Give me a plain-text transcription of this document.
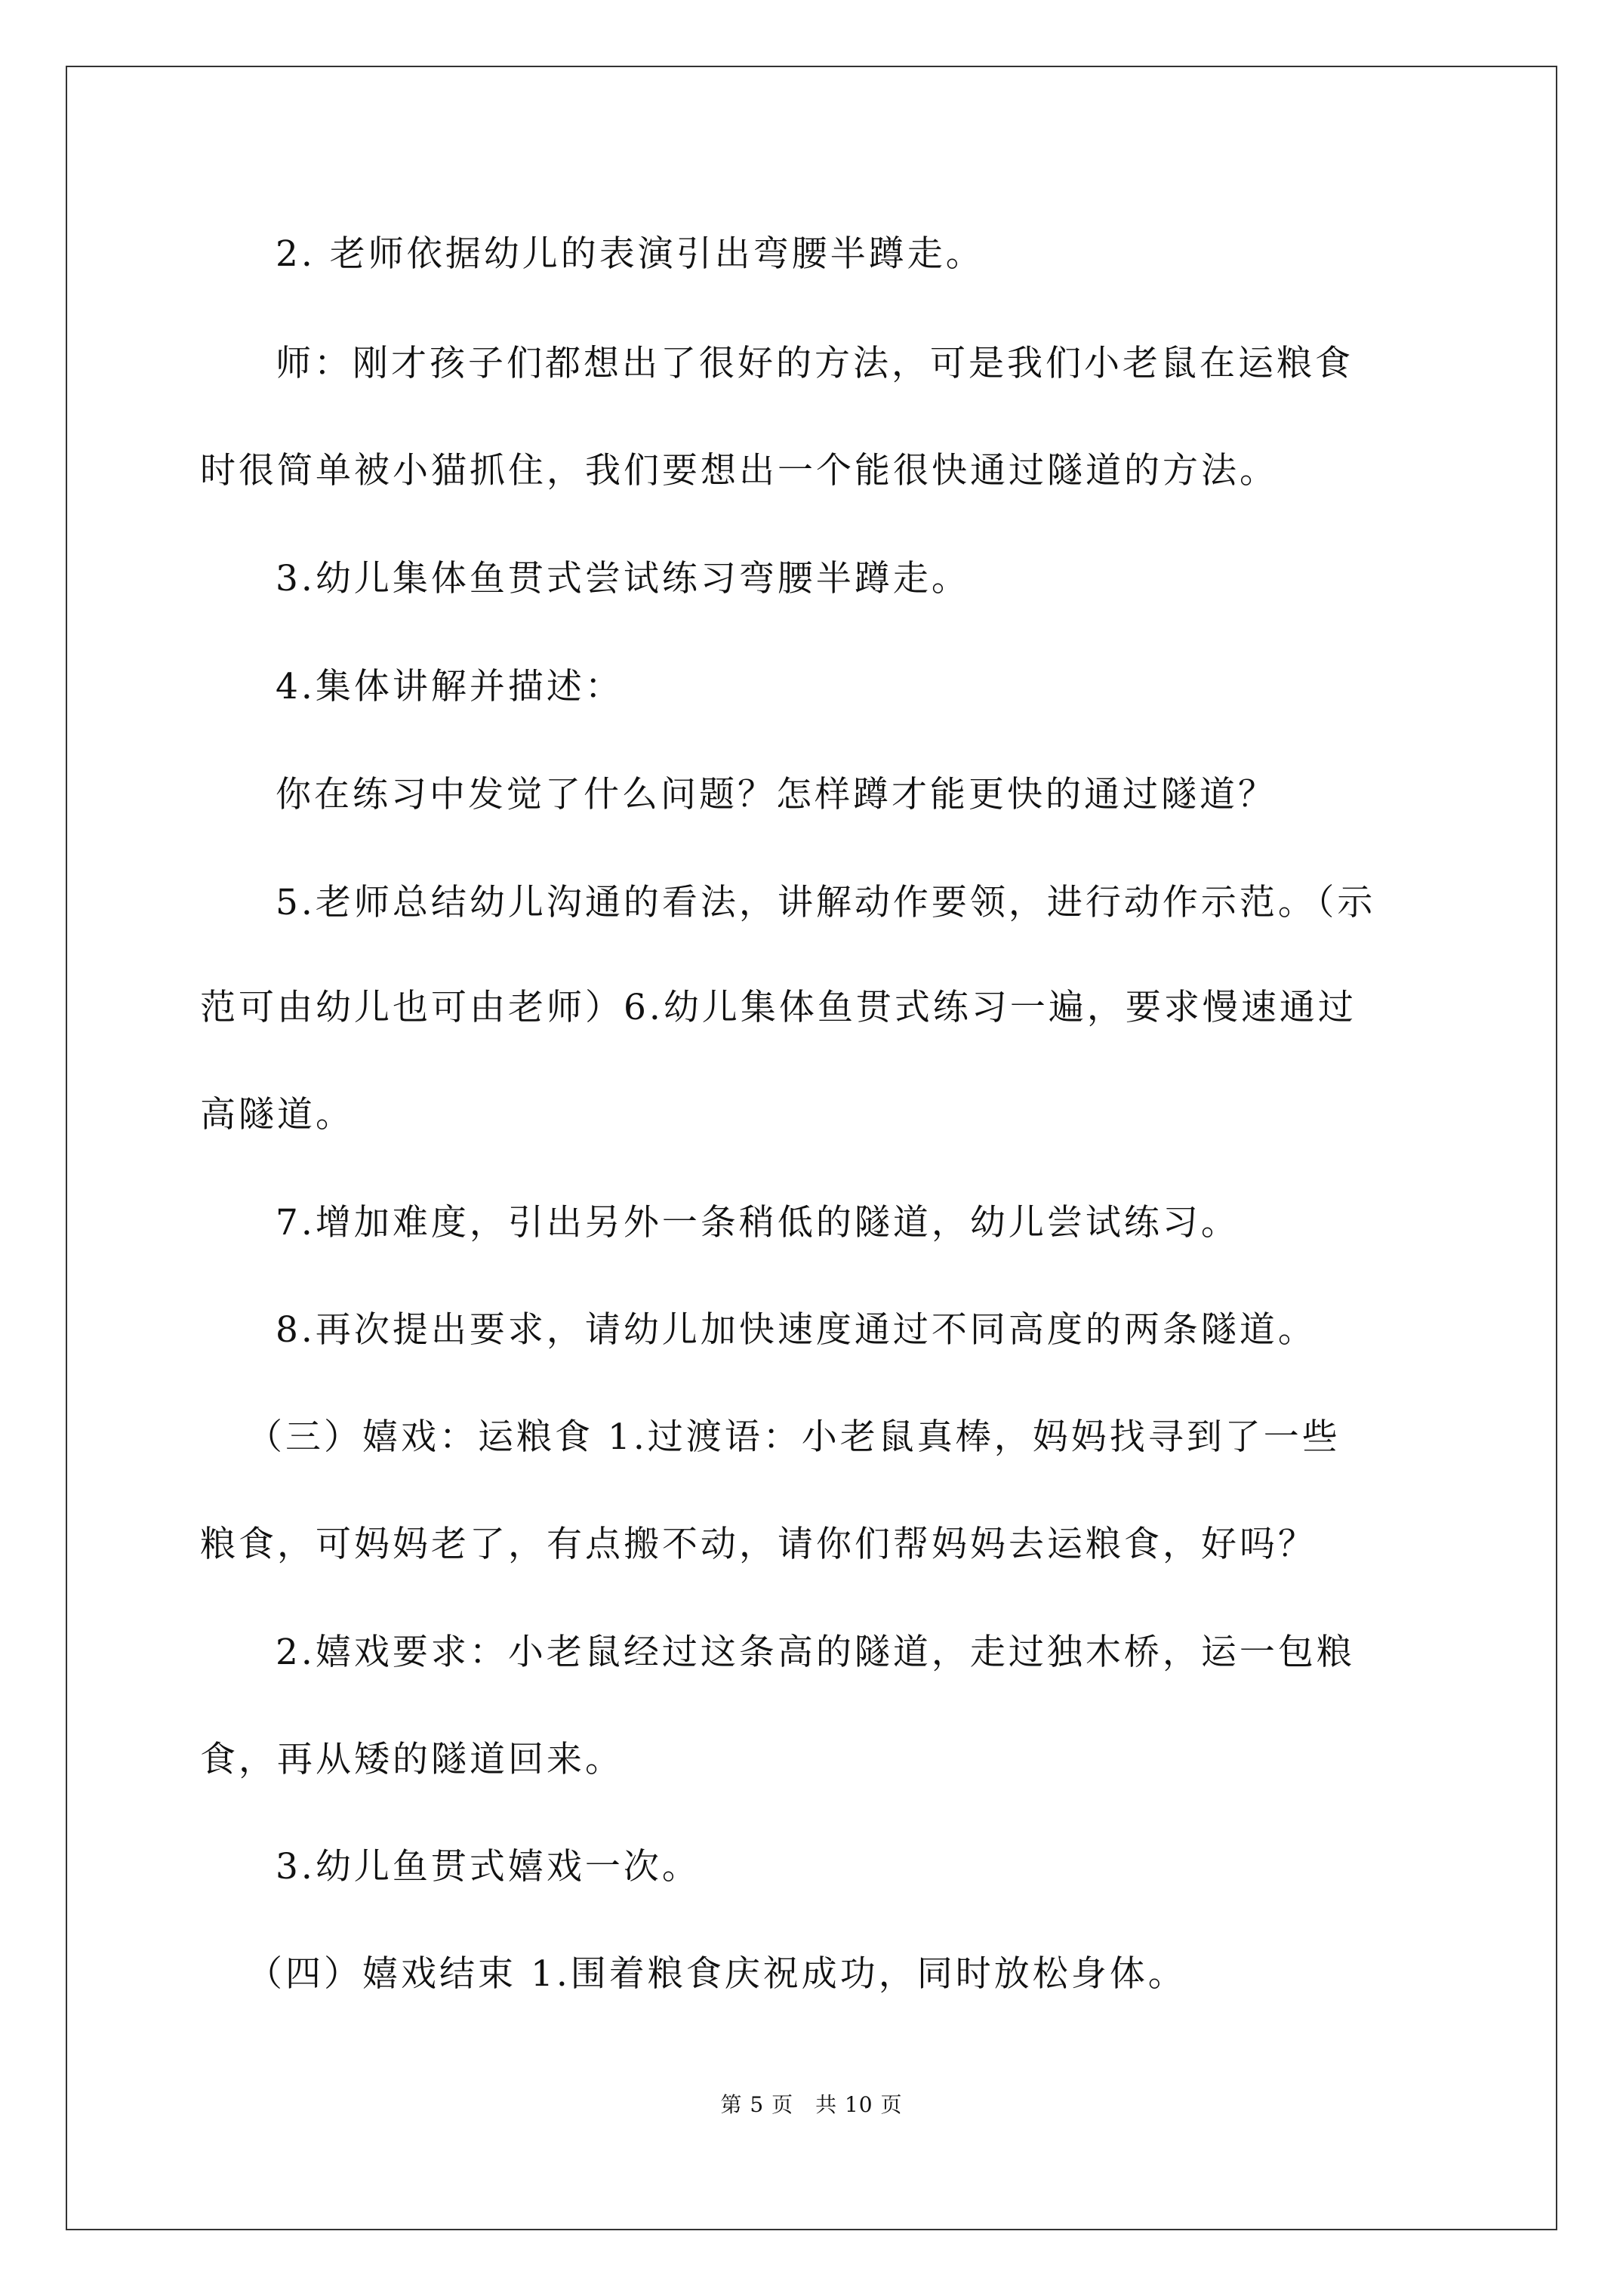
2. 老师依据幼儿的表演引出弯腰半蹲走。
师：刚才孩子们都想出了很好的方法，可是我们小老鼠在运粮食
时很简单被小猫抓住，我们要想出一个能很快通过隧道的方法。
3.幼儿集体鱼贯式尝试练习弯腰半蹲走。
4.集体讲解并描述：
你在练习中发觉了什么问题？怎样蹲才能更快的通过隧道？
5.老师总结幼儿沟通的看法，讲解动作要领，进行动作示范。（示
范可由幼儿也可由老师）6.幼儿集体鱼贯式练习一遍，要求慢速通过
高隧道。
7.增加难度，引出另外一条稍低的隧道，幼儿尝试练习。
8.再次提出要求，请幼儿加快速度通过不同高度的两条隧道。
（三）嬉戏：运粮食 1.过渡语：小老鼠真棒，妈妈找寻到了一些
粮食，可妈妈老了，有点搬不动，请你们帮妈妈去运粮食，好吗？
2.嬉戏要求：小老鼠经过这条高的隧道，走过独木桥，运一包粮
食，再从矮的隧道回来。
3.幼儿鱼贯式嬉戏一次。
（四）嬉戏结束 1.围着粮食庆祝成功，同时放松身体。
第 5 页　共 10 页
